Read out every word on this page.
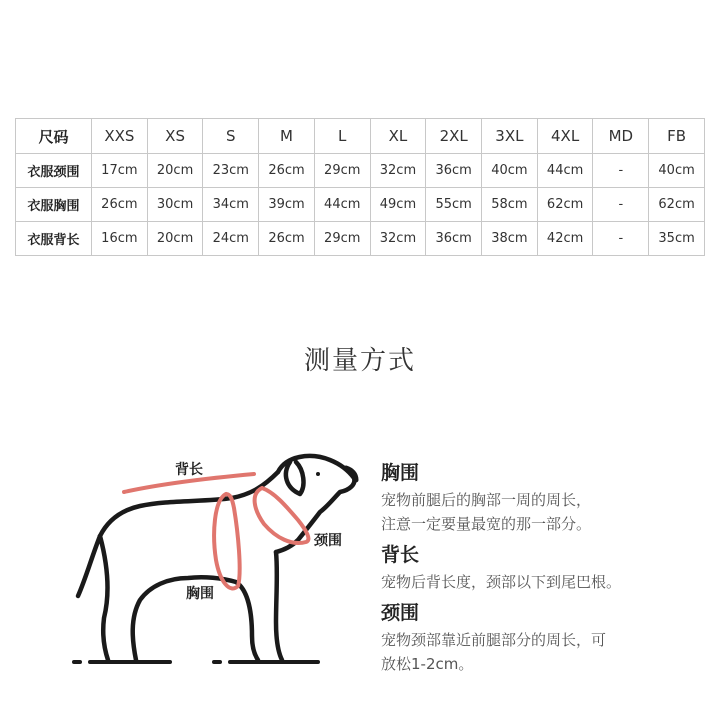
尺码	XXS	XS	S	M	L	XL	2XL	3XL	4XL	MD	FB
衣服颈围	17cm	20cm	23cm	26cm	29cm	32cm	36cm	40cm	44cm	-	40cm
衣服胸围	26cm	30cm	34cm	39cm	44cm	49cm	55cm	58cm	62cm	-	62cm
衣服背长	16cm	20cm	24cm	26cm	29cm	32cm	36cm	38cm	42cm	-	35cm
测量方式
背长
颈围
胸围
胸围

宠物前腿后的胸部一周的周长，

注意一定要量最宽的那一部分。

背长

宠物后背长度，颈部以下到尾巴根。

颈围

宠物颈部靠近前腿部分的周长，可

放松1-2cm。
